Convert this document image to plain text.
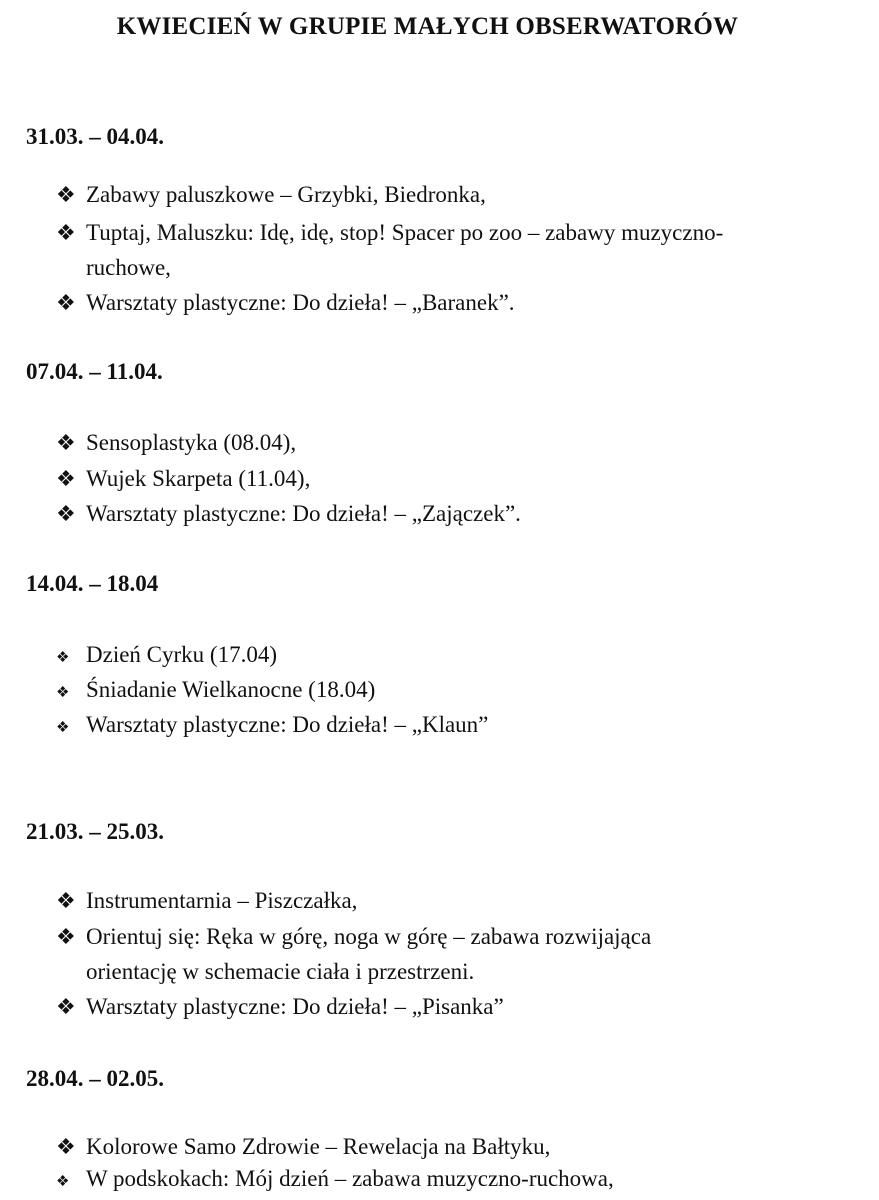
KWIECIEŃ W GRUPIE MAŁYCH OBSERWATORÓW
31.03. – 04.04.
❖ Zabawy paluszkowe – Grzybki, Biedronka,
❖ Tuptaj, Maluszku: Idę, idę, stop! Spacer po zoo – zabawy muzyczno-
ruchowe,
❖ Warsztaty plastyczne: Do dzieła! – „Baranek”.
07.04. – 11.04.
❖ Sensoplastyka (08.04),
❖ Wujek Skarpeta (11.04),
❖ Warsztaty plastyczne: Do dzieła! – „Zajączek”.
14.04. – 18.04
❖ Dzień Cyrku (17.04)
❖ Śniadanie Wielkanocne (18.04)
❖ Warsztaty plastyczne: Do dzieła! – „Klaun”
21.03. – 25.03.
❖ Instrumentarnia – Piszczałka,
❖ Orientuj się: Ręka w górę, noga w górę – zabawa rozwijająca
orientację w schemacie ciała i przestrzeni.
❖ Warsztaty plastyczne: Do dzieła! – „Pisanka”
28.04. – 02.05.
❖ Kolorowe Samo Zdrowie – Rewelacja na Bałtyku,
❖ W podskokach: Mój dzień – zabawa muzyczno-ruchowa,
